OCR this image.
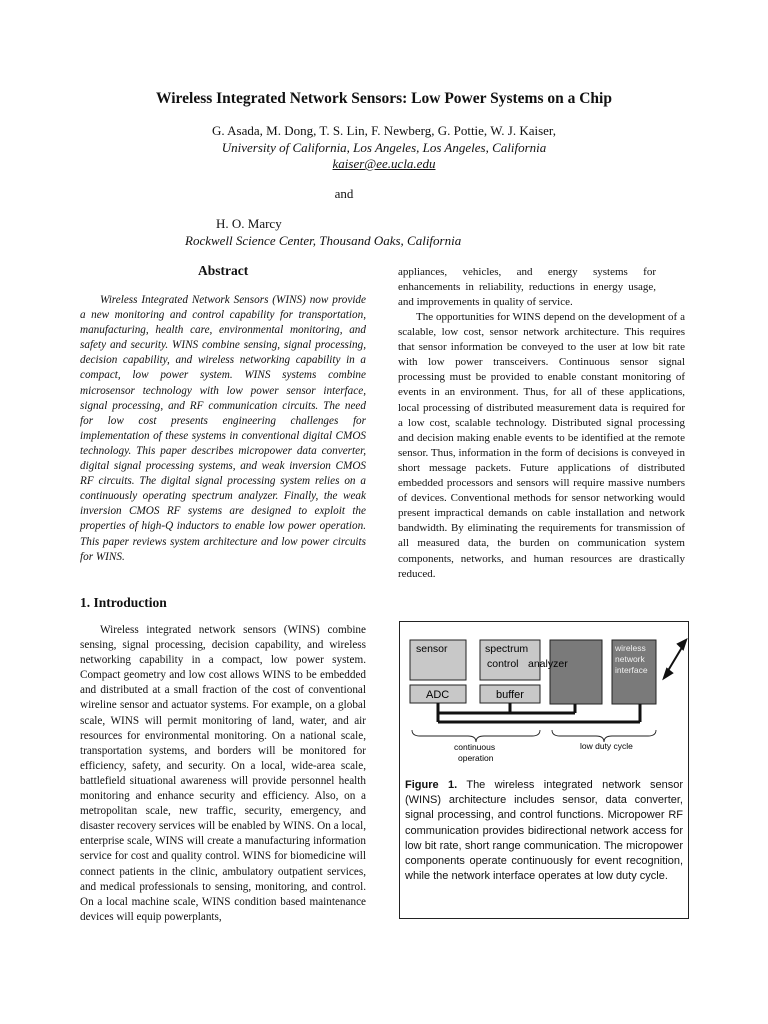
Wireless Integrated Network Sensors: Low Power Systems on a Chip
G. Asada, M. Dong, T. S. Lin, F. Newberg, G. Pottie, W. J. Kaiser,
University of California, Los Angeles, Los Angeles, California
kaiser@ee.ucla.edu
and
H. O. Marcy
Rockwell Science Center, Thousand Oaks, California
Abstract

Wireless Integrated Network Sensors (WINS) now provide a new monitoring and control capability for transportation, manufacturing, health care, environmental monitoring, and safety and security. WINS combine sensing, signal processing, decision capability, and wireless networking capability in a compact, low power system. WINS systems combine microsensor technology with low power sensor interface, signal processing, and RF communication circuits. The need for low cost presents engineering challenges for implementation of these systems in conventional digital CMOS technology. This paper describes micropower data converter, digital signal processing systems, and weak inversion CMOS RF circuits. The digital signal processing system relies on a continuously operating spectrum analyzer. Finally, the weak inversion CMOS RF systems are designed to exploit the properties of high-Q inductors to enable low power operation. This paper reviews system architecture and low power circuits for WINS.

1. Introduction

Wireless integrated network sensors (WINS) combine sensing, signal processing, decision capability, and wireless networking capability in a compact, low power system. Compact geometry and low cost allows WINS to be embedded and distributed at a small fraction of the cost of conventional wireline sensor and actuator systems. For example, on a global scale, WINS will permit monitoring of land, water, and air resources for environmental monitoring. On a national scale, transportation systems, and borders will be monitored for efficiency, safety, and security. On a local, wide-area scale, battlefield situational awareness will provide personnel health monitoring and enhance security and efficiency. Also, on a metropolitan scale, new traffic, security, emergency, and disaster recovery services will be enabled by WINS. On a local, enterprise scale, WINS will create a manufacturing information service for cost and quality control. WINS for biomedicine will connect patients in the clinic, ambulatory outpatient services, and medical professionals to sensing, monitoring, and control. On a local machine scale, WINS condition based maintenance devices will equip powerplants,

appliances, vehicles, and energy systems for enhancements in reliability, reductions in energy usage, and improvements in quality of service.

The opportunities for WINS depend on the development of a scalable, low cost, sensor network architecture. This requires that sensor information be conveyed to the user at low bit rate with low power transceivers. Continuous sensor signal processing must be provided to enable constant monitoring of events in an environment. Thus, for all of these applications, local processing of distributed measurement data is required for a low cost, scalable technology. Distributed signal processing and decision making enable events to be identified at the remote sensor. Thus, information in the form of decisions is conveyed in short message packets. Future applications of distributed embedded processors and sensors will require massive numbers of devices. Conventional methods for sensor networking would present impractical demands on cable installation and network bandwidth. By eliminating the requirements for transmission of all measured data, the burden on communication system components, networks, and human resources are drastically reduced.

sensor	spectrum
analyzer
control
wireless
network
interface
ADC	buffer
continuous
operation
low duty cycle

Figure 1. The wireless integrated network sensor (WINS) architecture includes sensor, data converter, signal processing, and control functions. Micropower RF communication provides bidirectional network access for low bit rate, short range communication. The micropower components operate continuously for event recognition, while the network interface operates at low duty cycle.
